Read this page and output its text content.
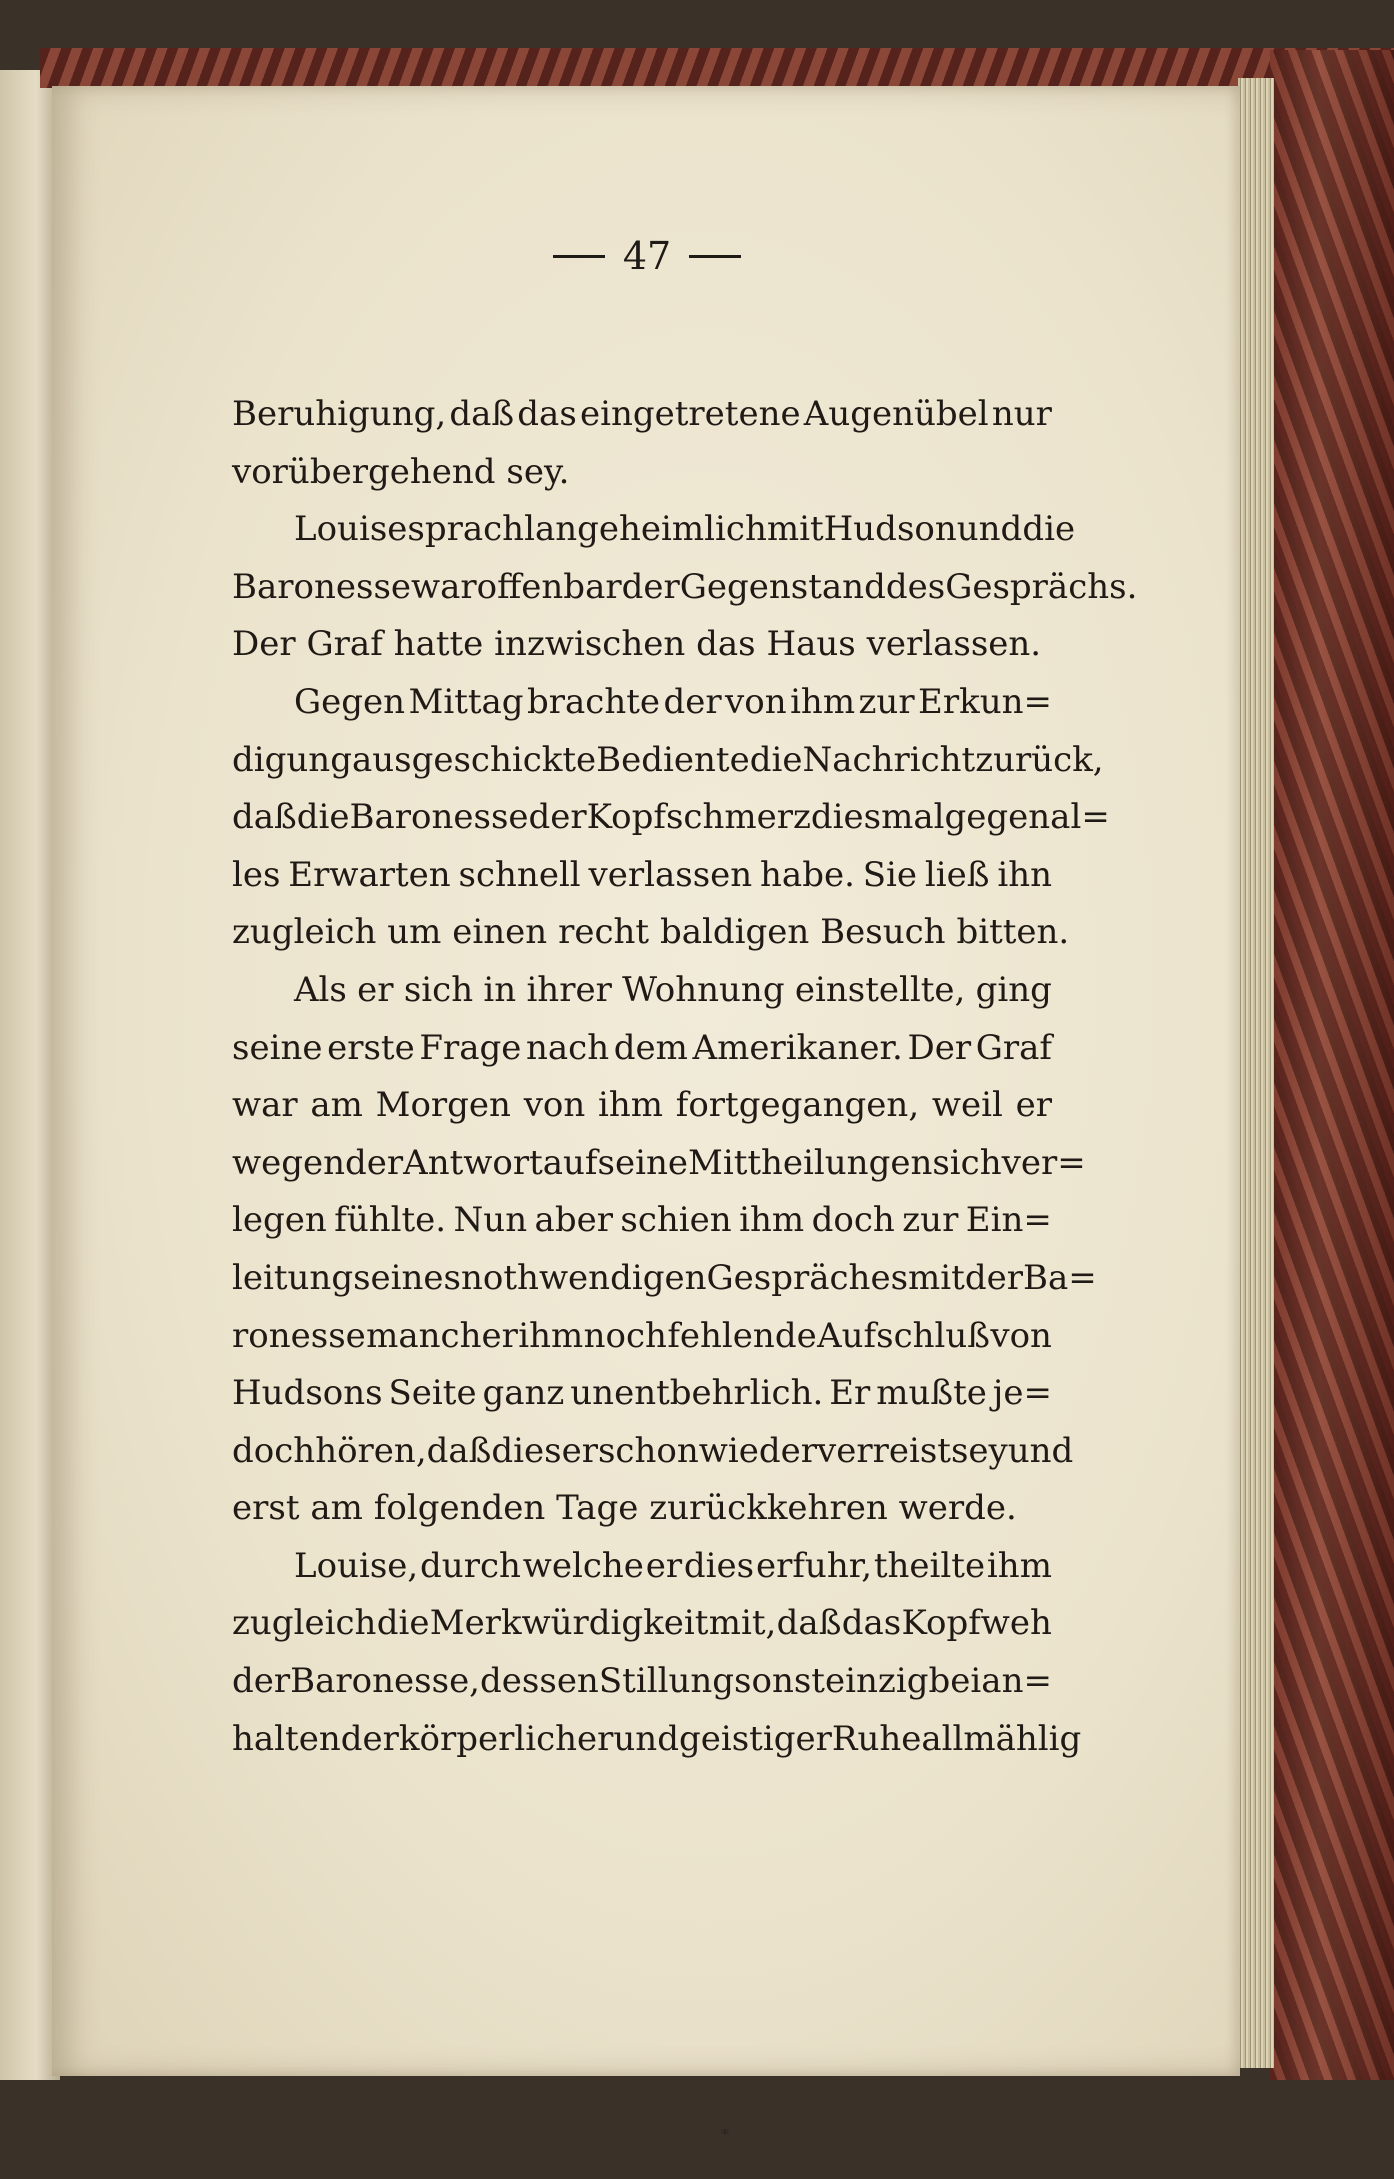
47
Beruhigung, daß das eingetretene Augenübel nur
vorübergehend sey.
Louise sprach lange heimlich mit Hudson und die
Baronesse war offenbar der Gegenstand des Gesprächs.
Der Graf hatte inzwischen das Haus verlassen.
Gegen Mittag brachte der von ihm zur Erkun=
digung ausgeschickte Bediente die Nachricht zurück,
daß die Baronesse der Kopfschmerz diesmal gegen al=
les Erwarten schnell verlassen habe. Sie ließ ihn
zugleich um einen recht baldigen Besuch bitten.
Als er sich in ihrer Wohnung einstellte, ging
seine erste Frage nach dem Amerikaner. Der Graf
war am Morgen von ihm fortgegangen, weil er
wegen der Antwort auf seine Mittheilungen sich ver=
legen fühlte. Nun aber schien ihm doch zur Ein=
leitung seines nothwendigen Gespräches mit der Ba=
ronesse mancher ihm noch fehlende Aufschluß von
Hudsons Seite ganz unentbehrlich. Er mußte je=
doch hören, daß dieser schon wieder verreist sey und
erst am folgenden Tage zurückkehren werde.
Louise, durch welche er dies erfuhr, theilte ihm
zugleich die Merkwürdigkeit mit, daß das Kopfweh
der Baronesse, dessen Stillung sonst einzig bei an=
haltender körperlicher und geistiger Ruhe allmählig
*
